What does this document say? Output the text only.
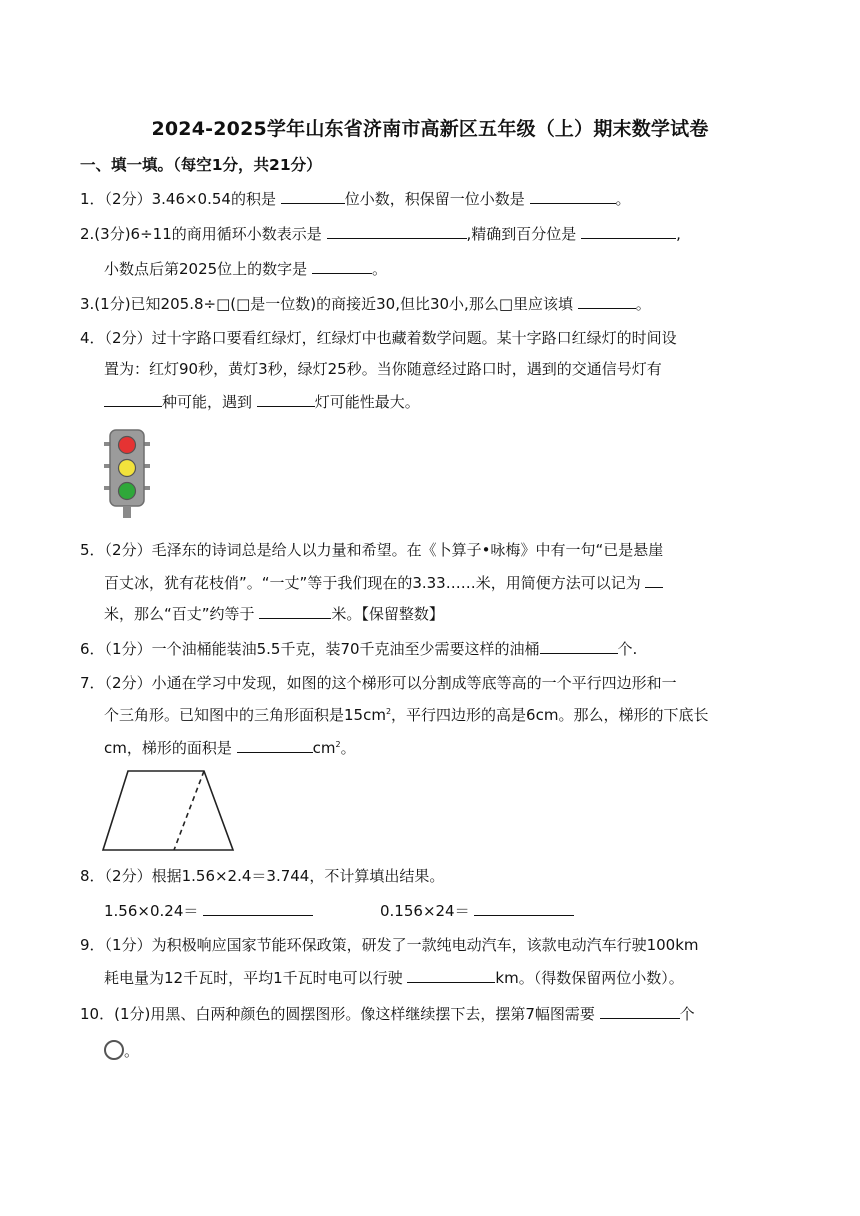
2024-2025学年山东省济南市高新区五年级（上）期末数学试卷
一、填一填。（每空1分，共21分）
1．（2分）3.46×0.54的积是	位小数，积保留一位小数是	。
2.(3分)6÷11的商用循环小数表示是	,精确到百分位是	,
小数点后第2025位上的数字是	。
3.(1分)已知205.8÷□(□是一位数)的商接近30,但比30小,那么□里应该填	。
4．（2分）过十字路口要看红绿灯，红绿灯中也藏着数学问题。某十字路口红绿灯的时间设
置为：红灯90秒，黄灯3秒，绿灯25秒。当你随意经过路口时，遇到的交通信号灯有
种可能，遇到	灯可能性最大。
5．（2分）毛泽东的诗词总是给人以力量和希望。在《卜算子•咏梅》中有一句“已是悬崖
百丈冰，犹有花枝俏”。“一丈”等于我们现在的3.33……米，用简便方法可以记为
米，那么“百丈”约等于	米。【保留整数】
6．（1分）一个油桶能装油5.5千克，装70千克油至少需要这样的油桶	个.
7．（2分）小通在学习中发现，如图的这个梯形可以分割成等底等高的一个平行四边形和一
个三角形。已知图中的三角形面积是$15cm^2$，平行四边形的高是6cm。那么，梯形的下底长
cm，梯形的面积是	$cm^2$。
8．（2分）根据1.56×2.4＝3.744，不计算填出结果。
1.56×0.24＝	0.156×24＝
9．（1分）为积极响应国家节能环保政策，研发了一款纯电动汽车，该款电动汽车行驶100km
耗电量为12千瓦时，平均1千瓦时电可以行驶	km。（得数保留两位小数）。
10．(1分)用黑、白两种颜色的圆摆图形。像这样继续摆下去，摆第7幅图需要	个
。
